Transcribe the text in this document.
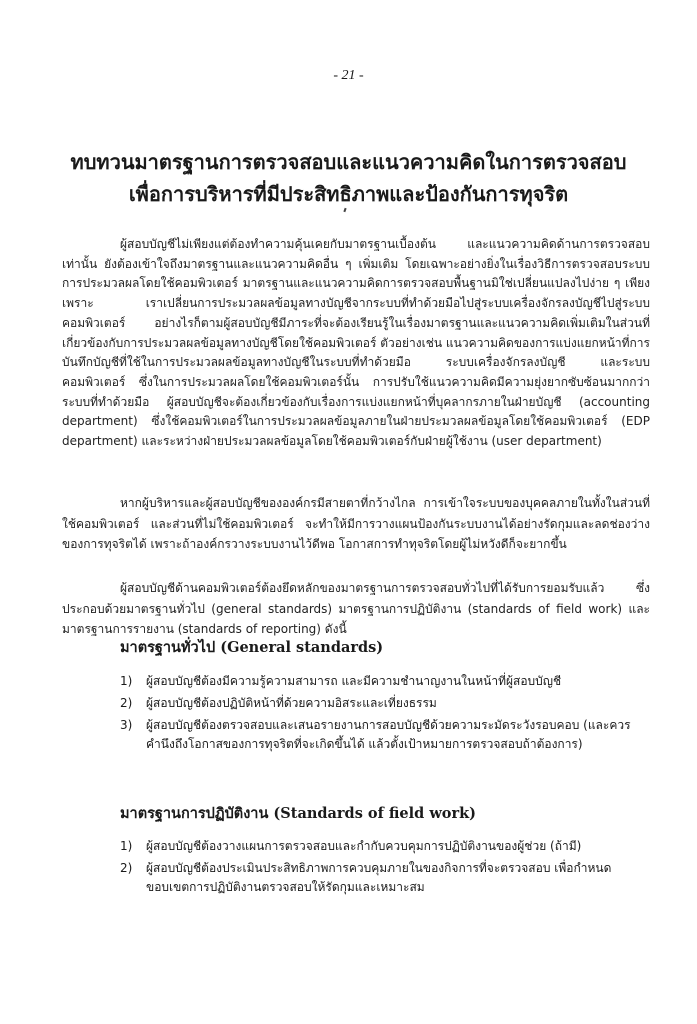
- 21 -
ทบทวนมาตรฐานการตรวจสอบและแนวความคิดในการตรวจสอบ
เพื่อการบริหารที่มีประสิทธิภาพและป้องกันการทุจริต

ผู้สอบบัญชีไม่เพียงแต่ต้องทำความคุ้นเคยกับมาตรฐานเบื้องต้น และแนวความคิดด้านการตรวจสอบเท่านั้น ยังต้องเข้าใจถึงมาตรฐานและแนวความคิดอื่น ๆ เพิ่มเติม โดยเฉพาะอย่างยิ่งในเรื่องวิธีการตรวจสอบระบบการประมวลผลโดยใช้คอมพิวเตอร์ มาตรฐานและแนวความคิดการตรวจสอบพื้นฐานมิใช่เปลี่ยนแปลงไปง่าย ๆ เพียงเพราะ เราเปลี่ยนการประมวลผลข้อมูลทางบัญชีจากระบบที่ทำด้วยมือไปสู่ระบบเครื่องจักรลงบัญชีไปสู่ระบบคอมพิวเตอร์ อย่างไรก็ตามผู้สอบบัญชีมีภาระที่จะต้องเรียนรู้ในเรื่องมาตรฐานและแนวความคิดเพิ่มเติมในส่วนที่เกี่ยวข้องกับการประมวลผลข้อมูลทางบัญชีโดยใช้คอมพิวเตอร์ ตัวอย่างเช่น แนวความคิดของการแบ่งแยกหน้าที่การบันทึกบัญชีที่ใช้ในการประมวลผลข้อมูลทางบัญชีในระบบที่ทำด้วยมือ ระบบเครื่องจักรลงบัญชี และระบบคอมพิวเตอร์ ซึ่งในการประมวลผลโดยใช้คอมพิวเตอร์นั้น การปรับใช้แนวความคิดมีความยุ่งยากซับซ้อนมากกว่าระบบที่ทำด้วยมือ ผู้สอบบัญชีจะต้องเกี่ยวข้องกับเรื่องการแบ่งแยกหน้าที่บุคลากรภายในฝ่ายบัญชี (accounting department) ซึ่งใช้คอมพิวเตอร์ในการประมวลผลข้อมูลภายในฝ่ายประมวลผลข้อมูลโดยใช้คอมพิวเตอร์ (EDP department) และระหว่างฝ่ายประมวลผลข้อมูลโดยใช้คอมพิวเตอร์กับฝ่ายผู้ใช้งาน (user department)

หากผู้บริหารและผู้สอบบัญชีขององค์กรมีสายตาที่กว้างไกล การเข้าใจระบบของบุคคลภายในทั้งในส่วนที่ใช้คอมพิวเตอร์ และส่วนที่ไม่ใช้คอมพิวเตอร์ จะทำให้มีการวางแผนป้องกันระบบงานได้อย่างรัดกุมและลดช่องว่างของการทุจริตได้ เพราะถ้าองค์กรวางระบบงานไว้ดีพอ โอกาสการทำทุจริตโดยผู้ไม่หวังดีก็จะยากขึ้น

ผู้สอบบัญชีด้านคอมพิวเตอร์ต้องยึดหลักของมาตรฐานการตรวจสอบทั่วไปที่ได้รับการยอมรับแล้ว ซึ่งประกอบด้วยมาตรฐานทั่วไป (general standards) มาตรฐานการปฏิบัติงาน (standards of field work) และมาตรฐานการรายงาน (standards of reporting) ดังนี้

มาตรฐานทั่วไป (General standards)
1) ผู้สอบบัญชีต้องมีความรู้ความสามารถ และมีความชำนาญงานในหน้าที่ผู้สอบบัญชี
2) ผู้สอบบัญชีต้องปฏิบัติหน้าที่ด้วยความอิสระและเที่ยงธรรม
3) ผู้สอบบัญชีต้องตรวจสอบและเสนอรายงานการสอบบัญชีด้วยความระมัดระวังรอบคอบ (และควรคำนึงถึงโอกาสของการทุจริตที่จะเกิดขึ้นได้ แล้วตั้งเป้าหมายการตรวจสอบถ้าต้องการ)
มาตรฐานการปฏิบัติงาน (Standards of field work)
1) ผู้สอบบัญชีต้องวางแผนการตรวจสอบและกำกับควบคุมการปฏิบัติงานของผู้ช่วย (ถ้ามี)
2) ผู้สอบบัญชีต้องประเมินประสิทธิภาพการควบคุมภายในของกิจการที่จะตรวจสอบ เพื่อกำหนดขอบเขตการปฏิบัติงานตรวจสอบให้รัดกุมและเหมาะสม
